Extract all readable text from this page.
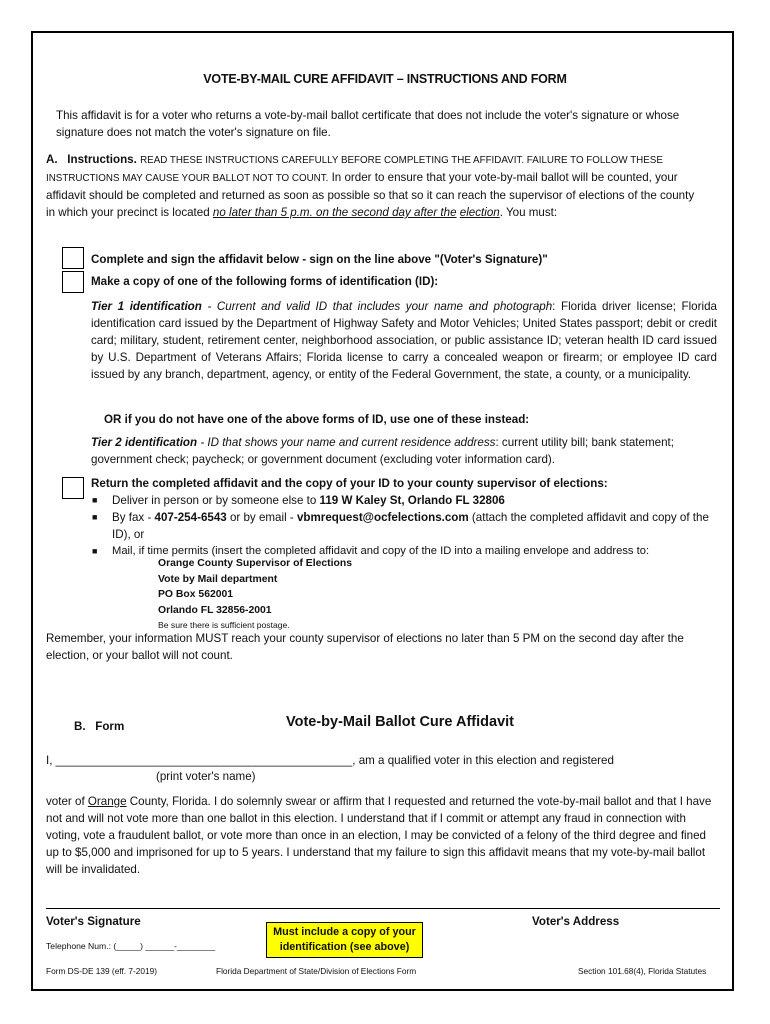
VOTE-BY-MAIL CURE AFFIDAVIT – INSTRUCTIONS AND FORM
This affidavit is for a voter who returns a vote-by-mail ballot certificate that does not include the voter's signature or whose signature does not match the voter's signature on file.
A. Instructions. READ THESE INSTRUCTIONS CAREFULLY BEFORE COMPLETING THE AFFIDAVIT. FAILURE TO FOLLOW THESE INSTRUCTIONS MAY CAUSE YOUR BALLOT NOT TO COUNT. In order to ensure that your vote-by-mail ballot will be counted, your affidavit should be completed and returned as soon as possible so that so it can reach the supervisor of elections of the county in which your precinct is located no later than 5 p.m. on the second day after the election. You must:
Complete and sign the affidavit below - sign on the line above "(Voter's Signature)"
Make a copy of one of the following forms of identification (ID):
Tier 1 identification - Current and valid ID that includes your name and photograph: Florida driver license; Florida identification card issued by the Department of Highway Safety and Motor Vehicles; United States passport; debit or credit card; military, student, retirement center, neighborhood association, or public assistance ID; veteran health ID card issued by U.S. Department of Veterans Affairs; Florida license to carry a concealed weapon or firearm; or employee ID card issued by any branch, department, agency, or entity of the Federal Government, the state, a county, or a municipality.
OR if you do not have one of the above forms of ID, use one of these instead:
Tier 2 identification - ID that shows your name and current residence address: current utility bill; bank statement; government check; paycheck; or government document (excluding voter information card).
Return the completed affidavit and the copy of your ID to your county supervisor of elections:
■ Deliver in person or by someone else to 119 W Kaley St, Orlando FL 32806
■ By fax - 407-254-6543 or by email - vbmrequest@ocfelections.com (attach the completed affidavit and copy of the ID), or
■ Mail, if time permits (insert the completed affidavit and copy of the ID into a mailing envelope and address to:
Orange County Supervisor of Elections
Vote by Mail department
PO Box 562001
Orlando FL 32856-2001
Be sure there is sufficient postage.
Remember, your information MUST reach your county supervisor of elections no later than 5 PM on the second day after the election, or your ballot will not count.
B. Form	Vote-by-Mail Ballot Cure Affidavit
I, ______________________________________________, am a qualified voter in this election and registered
(print voter's name)
voter of Orange County, Florida. I do solemnly swear or affirm that I requested and returned the vote-by-mail ballot and that I have not and will not vote more than one ballot in this election. I understand that if I commit or attempt any fraud in connection with voting, vote a fraudulent ballot, or vote more than once in an election, I may be convicted of a felony of the third degree and fined up to $5,000 and imprisoned for up to 5 years. I understand that my failure to sign this affidavit means that my vote-by-mail ballot will be invalidated.
Voter's Signature	Voter's Address
Telephone Num.: (_____) ______-________
Must include a copy of your identification (see above)
Form DS-DE 139 (eff. 7-2019)	Florida Department of State/Division of Elections Form	Section 101.68(4), Florida Statutes
